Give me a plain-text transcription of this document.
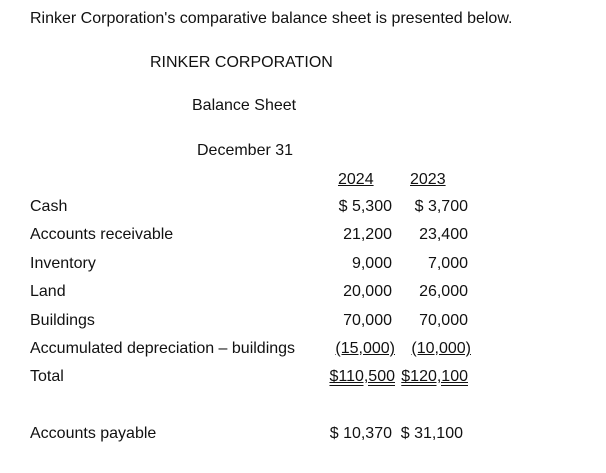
Rinker Corporation's comparative balance sheet is presented below.
RINKER CORPORATION
Balance Sheet
December 31
2024 2023
Cash	$ 5,300 $ 3,700
Accounts receivable	21,200 23,400
Inventory	9,000 7,000
Land	20,000 26,000
Buildings	70,000 70,000
Accumulated depreciation – buildings	(15,000) (10,000)
Total	$110,500 $120,100
Accounts payable	$ 10,370 $ 31,100
